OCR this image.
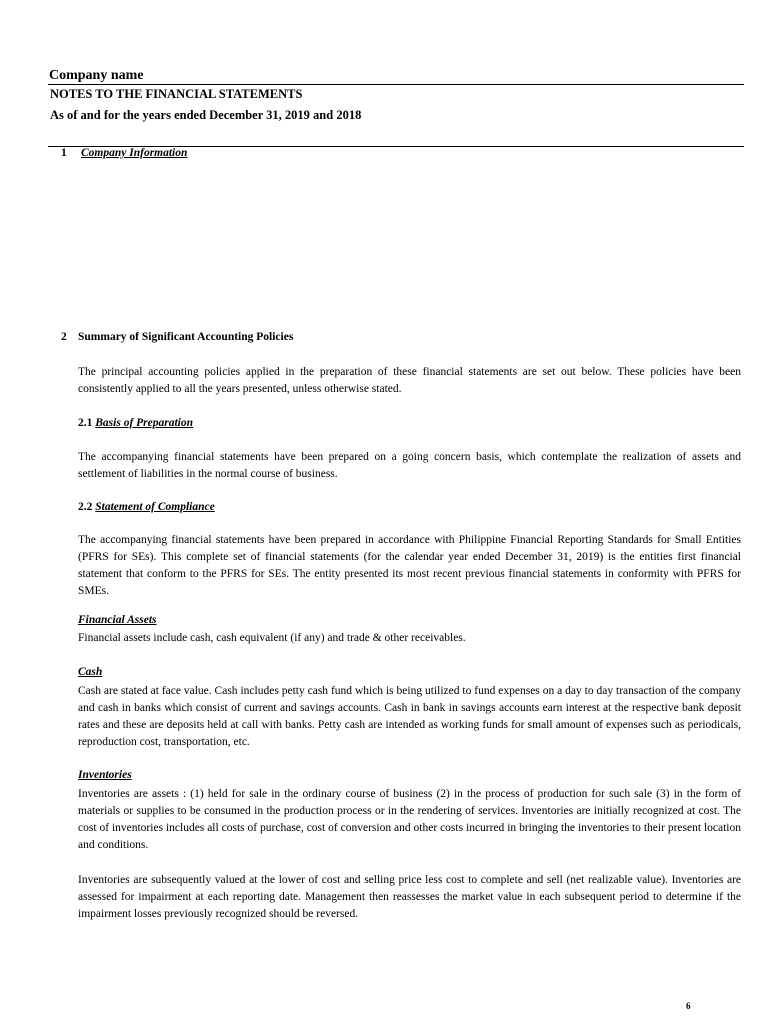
Company name
NOTES TO THE FINANCIAL STATEMENTS
As of and for the years ended December 31, 2019 and 2018
1 Company Information
2 Summary of Significant Accounting Policies
The principal accounting policies applied in the preparation of these financial statements are set out below. These policies have been consistently applied to all the years presented, unless otherwise stated.
2.1 Basis of Preparation
The accompanying financial statements have been prepared on a going concern basis, which contemplate the realization of assets and settlement of liabilities in the normal course of business.
2.2 Statement of Compliance
The accompanying financial statements have been prepared in accordance with Philippine Financial Reporting Standards for Small Entities (PFRS for SEs). This complete set of financial statements (for the calendar year ended December 31, 2019) is the entities first financial statement that conform to the PFRS for SEs. The entity presented its most recent previous financial statements in conformity with PFRS for SMEs.
Financial Assets
Financial assets include cash, cash equivalent (if any) and trade & other receivables.
Cash
Cash are stated at face value. Cash includes petty cash fund which is being utilized to fund expenses on a day to day transaction of the company and cash in banks which consist of current and savings accounts. Cash in bank in savings accounts earn interest at the respective bank deposit rates and these are deposits held at call with banks. Petty cash are intended as working funds for small amount of expenses such as periodicals, reproduction cost, transportation, etc.
Inventories
Inventories are assets : (1) held for sale in the ordinary course of business (2) in the process of production for such sale (3) in the form of materials or supplies to be consumed in the production process or in the rendering of services. Inventories are initially recognized at cost. The cost of inventories includes all costs of purchase, cost of conversion and other costs incurred in bringing the inventories to their present location and conditions.
Inventories are subsequently valued at the lower of cost and selling price less cost to complete and sell (net realizable value). Inventories are assessed for impairment at each reporting date. Management then reassesses the market value in each subsequent period to determine if the impairment losses previously recognized should be reversed.
6
